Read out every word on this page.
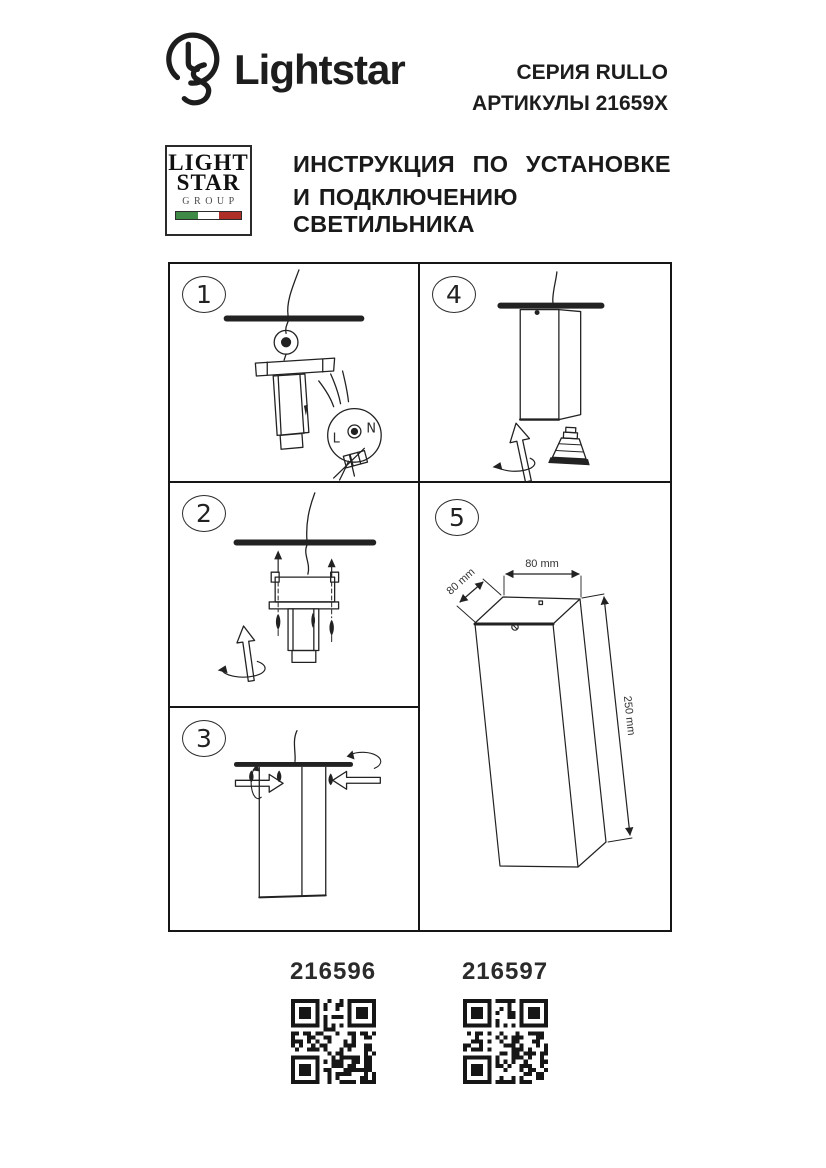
Lightstar	СЕРИЯ RULLO
АРТИКУЛЫ 21659X
LIGHT
STAR
GROUP
ИНСТРУКЦИЯ ПО УСТАНОВКЕ
И ПОДКЛЮЧЕНИЮ СВЕТИЛЬНИКА
1
L
N
2
3
4
5
80 mm
80 mm
250 mm
216596	216597
